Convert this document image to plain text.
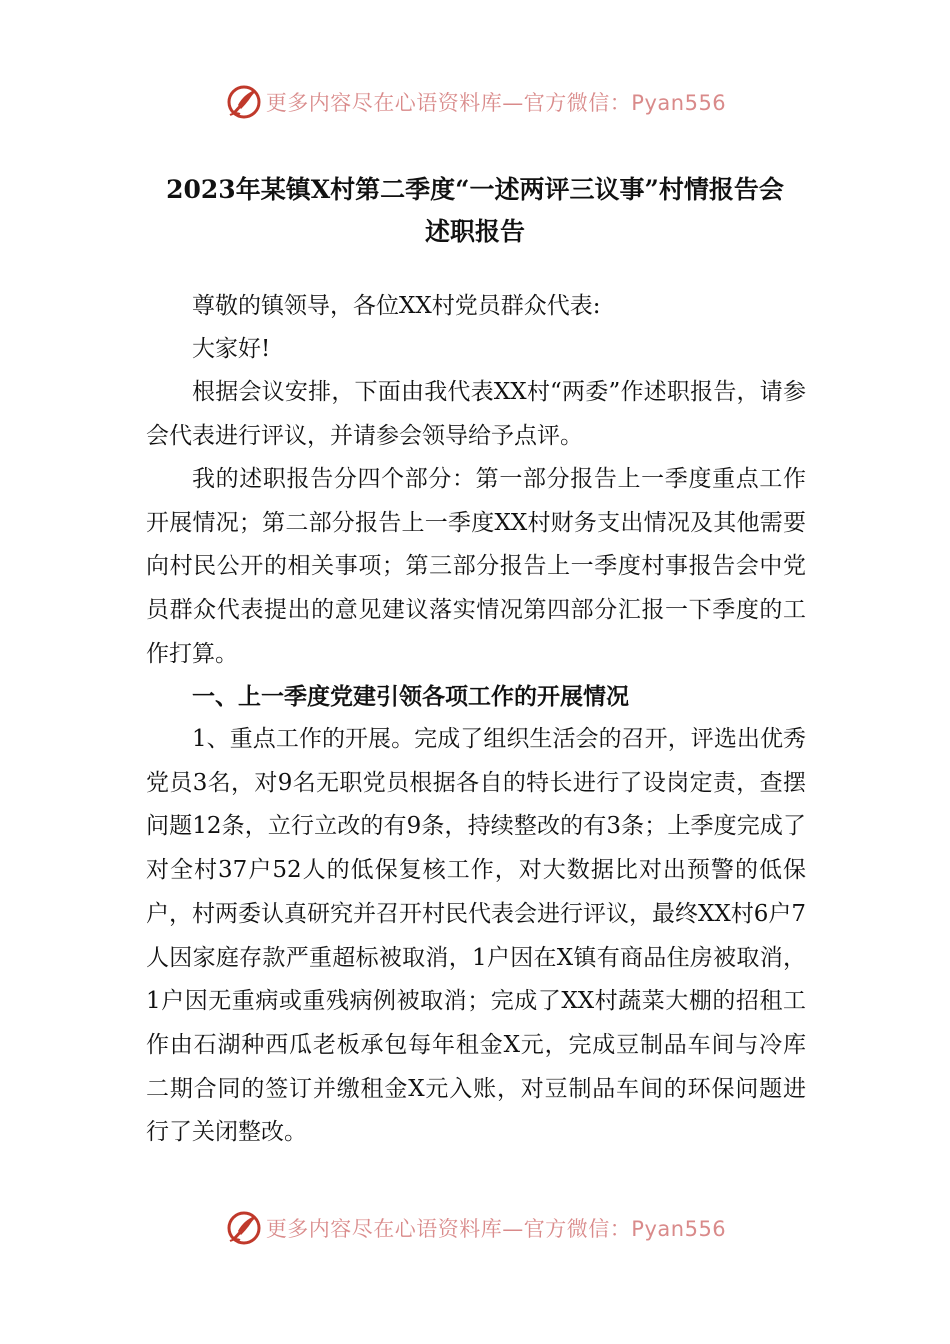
更多内容尽在心语资料库—官方微信：Pyan556
2023年某镇X村第二季度“一述两评三议事”村情报告会
述职报告

尊敬的镇领导，各位XX村党员群众代表:

大家好!

根据会议安排，下面由我代表XX村“两委”作述职报告，请参会代表进行评议，并请参会领导给予点评。

我的述职报告分四个部分：第一部分报告上一季度重点工作开展情况；第二部分报告上一季度XX村财务支出情况及其他需要向村民公开的相关事项；第三部分报告上一季度村事报告会中党员群众代表提出的意见建议落实情况第四部分汇报一下季度的工作打算。

一、上一季度党建引领各项工作的开展情况

1、重点工作的开展。完成了组织生活会的召开，评选出优秀党员3名，对9名无职党员根据各自的特长进行了设岗定责，查摆问题12条，立行立改的有9条，持续整改的有3条；上季度完成了对全村37户52人的低保复核工作，对大数据比对出预警的低保户，村两委认真研究并召开村民代表会进行评议，最终XX村6户7人因家庭存款严重超标被取消，1户因在X镇有商品住房被取消，1户因无重病或重残病例被取消；完成了XX村蔬菜大棚的招租工作由石湖种西瓜老板承包每年租金X元，完成豆制品车间与冷库二期合同的签订并缴租金X元入账，对豆制品车间的环保问题进行了关闭整改。

更多内容尽在心语资料库—官方微信：Pyan556
